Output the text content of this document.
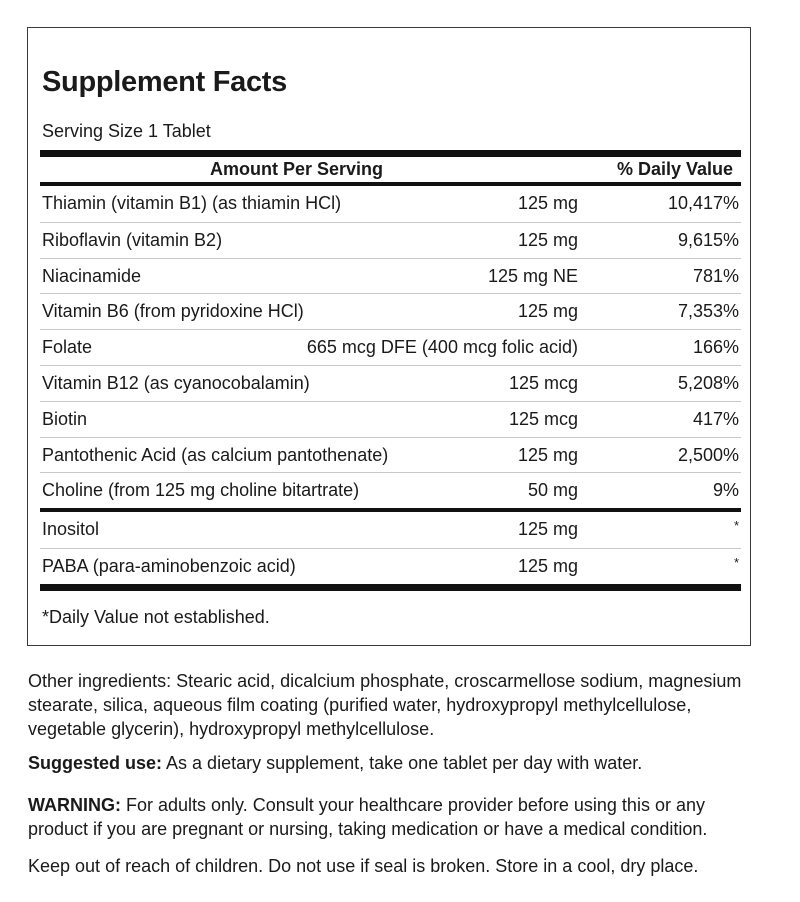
Supplement Facts
Serving Size 1 Tablet
Amount Per Serving	% Daily Value
Thiamin (vitamin B1) (as thiamin HCl)	125 mg	10,417%
Riboflavin (vitamin B2)	125 mg	9,615%
Niacinamide	125 mg NE	781%
Vitamin B6 (from pyridoxine HCl)	125 mg	7,353%
Folate	665 mcg DFE (400 mcg folic acid)	166%
Vitamin B12 (as cyanocobalamin)	125 mcg	5,208%
Biotin	125 mcg	417%
Pantothenic Acid (as calcium pantothenate)	125 mg	2,500%
Choline (from 125 mg choline bitartrate)	50 mg	9%
Inositol	125 mg	*
PABA (para-aminobenzoic acid)	125 mg	*
*Daily Value not established.

Other ingredients: Stearic acid, dicalcium phosphate, croscarmellose sodium, magnesium stearate, silica, aqueous film coating (purified water, hydroxypropyl methylcellulose, vegetable glycerin), hydroxypropyl methylcellulose.

Suggested use: As a dietary supplement, take one tablet per day with water.

WARNING: For adults only. Consult your healthcare provider before using this or any product if you are pregnant or nursing, taking medication or have a medical condition.

Keep out of reach of children. Do not use if seal is broken. Store in a cool, dry place.
